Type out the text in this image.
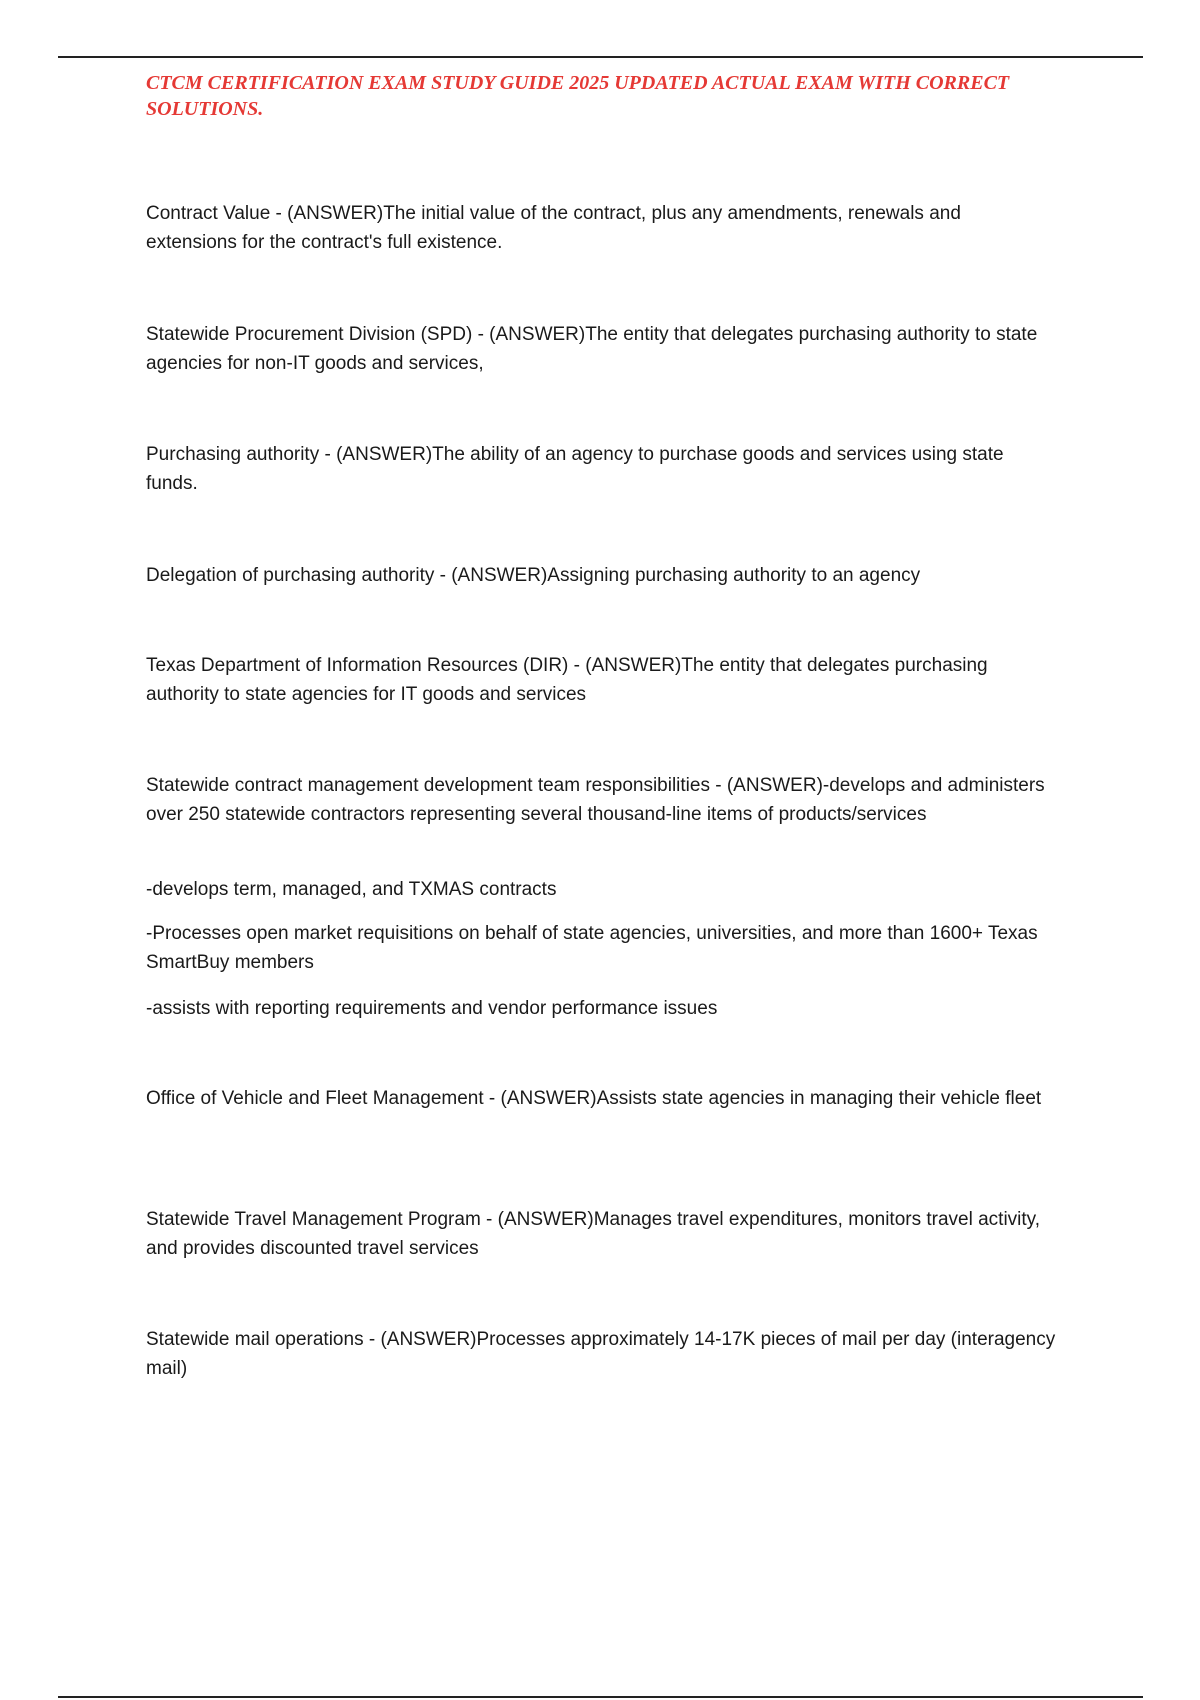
CTCM CERTIFICATION EXAM STUDY GUIDE 2025 UPDATED ACTUAL EXAM WITH CORRECT SOLUTIONS.

Contract Value - (ANSWER)The initial value of the contract, plus any amendments, renewals and extensions for the contract's full existence.

Statewide Procurement Division (SPD) - (ANSWER)The entity that delegates purchasing authority to state agencies for non-IT goods and services,

Purchasing authority - (ANSWER)The ability of an agency to purchase goods and services using state funds.

Delegation of purchasing authority - (ANSWER)Assigning purchasing authority to an agency

Texas Department of Information Resources (DIR) - (ANSWER)The entity that delegates purchasing authority to state agencies for IT goods and services

Statewide contract management development team responsibilities - (ANSWER)-develops and administers over 250 statewide contractors representing several thousand-line items of products/services

-develops term, managed, and TXMAS contracts

-Processes open market requisitions on behalf of state agencies, universities, and more than 1600+ Texas SmartBuy members

-assists with reporting requirements and vendor performance issues

Office of Vehicle and Fleet Management - (ANSWER)Assists state agencies in managing their vehicle fleet

Statewide Travel Management Program - (ANSWER)Manages travel expenditures, monitors travel activity, and provides discounted travel services

Statewide mail operations - (ANSWER)Processes approximately 14-17K pieces of mail per day (interagency mail)
